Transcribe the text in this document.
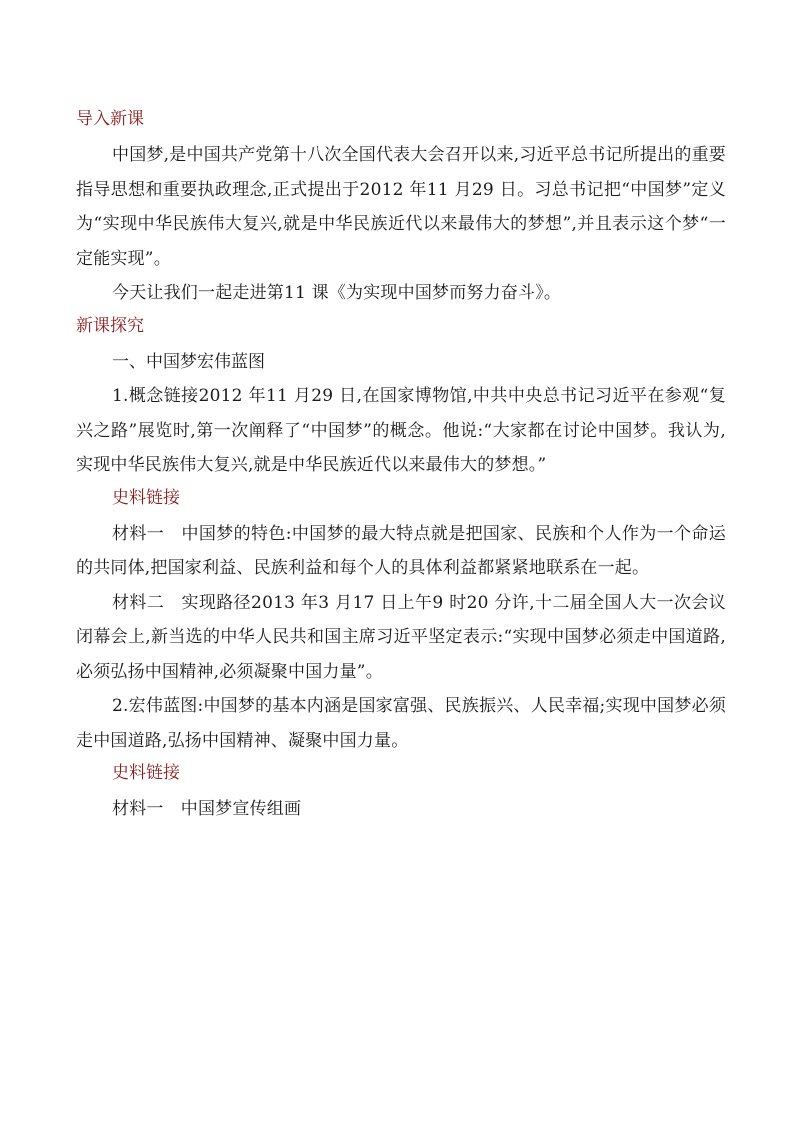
导入新课

中国梦,是中国共产党第十八次全国代表大会召开以来,习近平总书记所提出的重要指导思想和重要执政理念,正式提出于2012 年11 月29 日。习总书记把“中国梦”定义为“实现中华民族伟大复兴,就是中华民族近代以来最伟大的梦想”,并且表示这个梦“一定能实现”。

今天让我们一起走进第11 课《为实现中国梦而努力奋斗》。

新课探究

一、中国梦宏伟蓝图

1.概念链接2012 年11 月29 日,在国家博物馆,中共中央总书记习近平在参观“复兴之路”展览时,第一次阐释了“中国梦”的概念。他说:“大家都在讨论中国梦。我认为,实现中华民族伟大复兴,就是中华民族近代以来最伟大的梦想。”

史料链接

材料一　中国梦的特色:中国梦的最大特点就是把国家、民族和个人作为一个命运的共同体,把国家利益、民族利益和每个人的具体利益都紧紧地联系在一起。

材料二　实现路径2013 年3 月17 日上午9 时20 分许,十二届全国人大一次会议闭幕会上,新当选的中华人民共和国主席习近平坚定表示:“实现中国梦必须走中国道路,必须弘扬中国精神,必须凝聚中国力量”。

2.宏伟蓝图:中国梦的基本内涵是国家富强、民族振兴、人民幸福;实现中国梦必须走中国道路,弘扬中国精神、凝聚中国力量。

史料链接

材料一　中国梦宣传组画
